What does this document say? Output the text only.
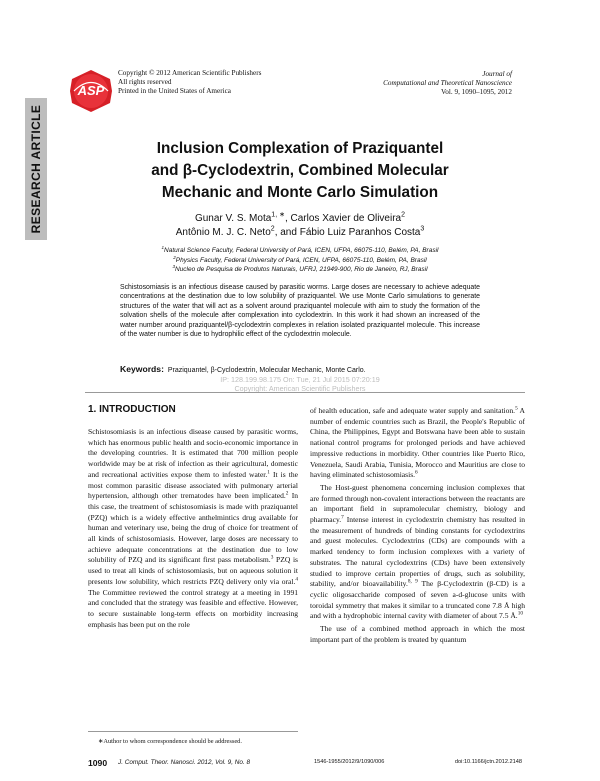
ASP
Copyright © 2012 American Scientific Publishers
All rights reserved
Printed in the United States of America
Journal of
Computational and Theoretical Nanoscience
Vol. 9, 1090–1095, 2012
RESEARCH ARTICLE	Inclusion Complexation of Praziquantel
and β-Cyclodextrin, Combined Molecular
Mechanic and Monte Carlo Simulation
Gunar V. S. Mota$^{1, ∗}$, Carlos Xavier de Oliveira$^2$
Antônio M. J. C. Neto$^2$, and Fábio Luiz Paranhos Costa$^3$
$^1$Natural Science Faculty, Federal University of Pará, ICEN, UFPA, 66075-110, Belém, PA, Brasil
$^2$Physics Faculty, Federal University of Pará, ICEN, UFPA, 66075-110, Belém, PA, Brasil
$^3$Nucleo de Pesquisa de Produtos Naturais, UFRJ, 21949-900, Rio de Janeiro, RJ, Brasil
Schistosomiasis is an infectious disease caused by parasitic worms. Large doses are necessary to achieve adequate concentrations at the destination due to low solubility of praziquantel. We use Monte Carlo simulations to generate structures of the water that will act as a solvent around praziquantel molecule with aim to study the formation of the solvation shells of the molecule after complexation into cyclodextrin. In this work it had shown an increased of the water number around praziquantel/β-cyclodextrin complexes in relation isolated praziquantel molecule. This increase of the water number is due to hydrophilic effect of the cyclodextrin molecule.
Keywords: Praziquantel, β-Cyclodextrin, Molecular Mechanic, Monte Carlo.
IP: 128.199.98.175 On: Tue, 21 Jul 2015 07:20:19
Copyright: American Scientific Publishers
1. INTRODUCTION

Schistosomiasis is an infectious disease caused by parasitic worms, which has enormous public health and socio-economic importance in the developing countries. It is estimated that 700 million people worldwide may be at risk of infection as their agricultural, domestic and recreational activities expose them to infested water.$^1$ It is the most common parasitic disease associated with pulmonary arterial hypertension, although other trematodes have been implicated.$^2$ In this case, the treatment of schistosomiasis is made with praziquantel (PZQ) which is a widely effective anthelmintics drug available for human and veterinary use, being the drug of choice for treatment of all kinds of schistosomiasis. However, large doses are necessary to achieve adequate concentrations at the destination due to low solubility of PZQ and its significant first pass metabolism.$^3$ PZQ is used to treat all kinds of schistosomiasis, but on aqueous solution it presents low solubility, which restricts PZQ delivery only via oral.$^4$ The Committee reviewed the control strategy at a meeting in 1991 and concluded that the strategy was feasible and effective. However, to secure sustainable long-term effects on morbidity increasing emphasis has been put on the role

of health education, safe and adequate water supply and sanitation.$^5$ A number of endemic countries such as Brazil, the People's Republic of China, the Philippines, Egypt and Botswana have been able to sustain national control programs for prolonged periods and have achieved impressive reductions in morbidity. Other countries like Puerto Rico, Venezuela, Saudi Arabia, Tunisia, Morocco and Mauritius are close to having eliminated schistosomiasis.$^6$

The Host-guest phenomena concerning inclusion complexes that are formed through non-covalent interactions between the reactants are an important field in supramolecular chemistry, biology and pharmacy.$^7$ Intense interest in cyclodextrin chemistry has resulted in the measurement of hundreds of binding constants for cyclodextrins and guest molecules. Cyclodextrins (CDs) are compounds with a marked tendency to form inclusion complexes with a variety of substrates. The natural cyclodextrins (CDs) have been extensively studied to improve certain properties of drugs, such as solubility, stability, and/or bioavailability.$^{8, 9}$ The β-Cyclodextrin (β-CD) is a cyclic oligosaccharide composed of seven a-d-glucose units with toroidal symmetry that makes it similar to a truncated cone 7.8 Å high and with a hydrophobic internal cavity with diameter of about 7.5 Å.$^{10}$

The use of a combined method approach in which the most important part of the problem is treated by quantum

∗Author to whom correspondence should be addressed.
1090 J. Comput. Theor. Nanosci. 2012, Vol. 9, No. 8	1546-1955/2012/9/1090/006	doi:10.1166/jctn.2012.2148
